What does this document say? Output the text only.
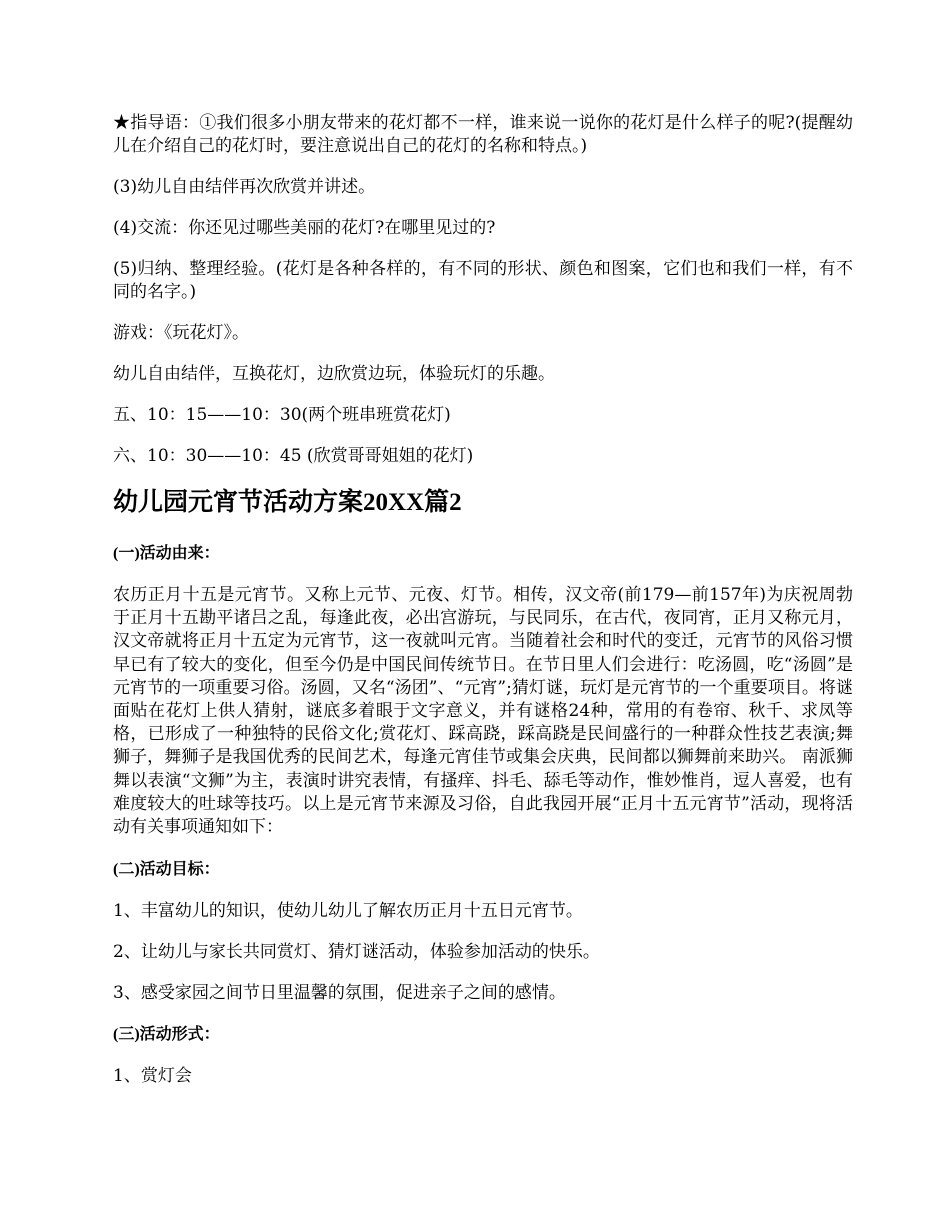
★指导语：①我们很多小朋友带来的花灯都不一样，谁来说一说你的花灯是什么样子的呢?(提醒幼儿在介绍自己的花灯时，要注意说出自己的花灯的名称和特点。)

(3)幼儿自由结伴再次欣赏并讲述。

(4)交流：你还见过哪些美丽的花灯?在哪里见过的?

(5)归纳、整理经验。(花灯是各种各样的，有不同的形状、颜色和图案，它们也和我们一样，有不同的名字。)

游戏：《玩花灯》。

幼儿自由结伴，互换花灯，边欣赏边玩，体验玩灯的乐趣。

五、10：15——10：30(两个班串班赏花灯)

六、10：30——10：45 (欣赏哥哥姐姐的花灯)

幼儿园元宵节活动方案20XX篇2

(一)活动由来：

农历正月十五是元宵节。又称上元节、元夜、灯节。相传，汉文帝(前179—前157年)为庆祝周勃于正月十五勘平诸吕之乱，每逢此夜，必出宫游玩，与民同乐，在古代，夜同宵，正月又称元月，汉文帝就将正月十五定为元宵节，这一夜就叫元宵。当随着社会和时代的变迁，元宵节的风俗习惯早已有了较大的变化，但至今仍是中国民间传统节日。在节日里人们会进行：吃汤圆，吃“汤圆”是元宵节的一项重要习俗。汤圆，又名“汤团”、“元宵”;猜灯谜，玩灯是元宵节的一个重要项目。将谜面贴在花灯上供人猜射，谜底多着眼于文字意义，并有谜格24种，常用的有卷帘、秋千、求凤等格，已形成了一种独特的民俗文化;赏花灯、踩高跷，踩高跷是民间盛行的一种群众性技艺表演;舞狮子，舞狮子是我国优秀的民间艺术，每逢元宵佳节或集会庆典，民间都以狮舞前来助兴。 南派狮舞以表演“文狮”为主，表演时讲究表情，有搔痒、抖毛、舔毛等动作，惟妙惟肖，逗人喜爱，也有难度较大的吐球等技巧。以上是元宵节来源及习俗，自此我园开展“正月十五元宵节”活动，现将活动有关事项通知如下：

(二)活动目标：

1、丰富幼儿的知识，使幼儿幼儿了解农历正月十五日元宵节。

2、让幼儿与家长共同赏灯、猜灯谜活动，体验参加活动的快乐。

3、感受家园之间节日里温馨的氛围，促进亲子之间的感情。

(三)活动形式：

1、赏灯会
